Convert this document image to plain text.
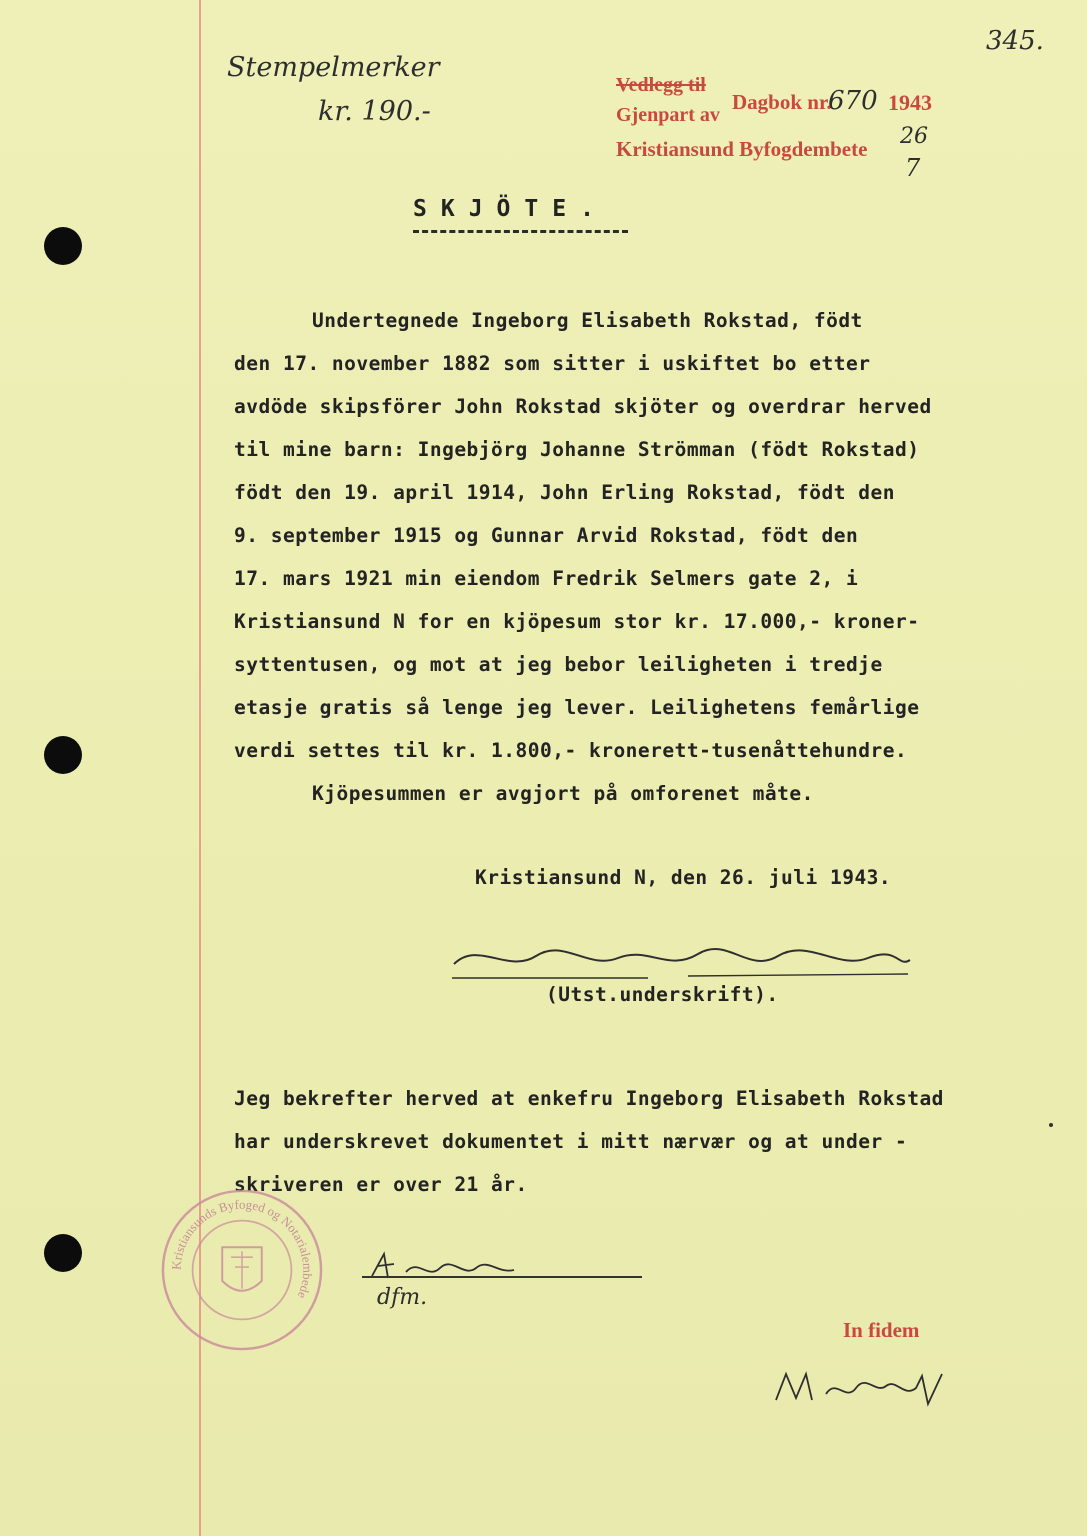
345.
Stempelmerker
kr. 190.-
Vedlegg til
Dagbok nr.
670 1943
Gjenpart av
Kristiansund Byfogdembete 26
7
SKJÖTE.
Undertegnede Ingeborg Elisabeth Rokstad, födt
den 17. november 1882 som sitter i uskiftet bo etter
avdöde skipsförer John Rokstad skjöter og overdrar herved
til mine barn: Ingebjörg Johanne Strömman (födt Rokstad)
födt den 19. april 1914, John Erling Rokstad, födt den
9. september 1915 og Gunnar Arvid Rokstad, födt den
17. mars 1921 min eiendom Fredrik Selmers gate 2, i
Kristiansund N for en kjöpesum stor kr. 17.000,- kroner-
syttentusen, og mot at jeg bebor leiligheten i tredje
etasje gratis så lenge jeg lever. Leilighetens femårlige
verdi settes til kr. 1.800,- kronerett-tusenåttehundre.
Kjöpesummen er avgjort på omforenet måte.
Kristiansund N, den 26. juli 1943.
(Utst.underskrift).
Jeg bekrefter herved at enkefru Ingeborg Elisabeth Rokstad
har underskrevet dokumentet i mitt nærvær og at under -
skriveren er over 21 år.
Kristiansunds Byfoged og Notarialembede	dfm.
In fidem
